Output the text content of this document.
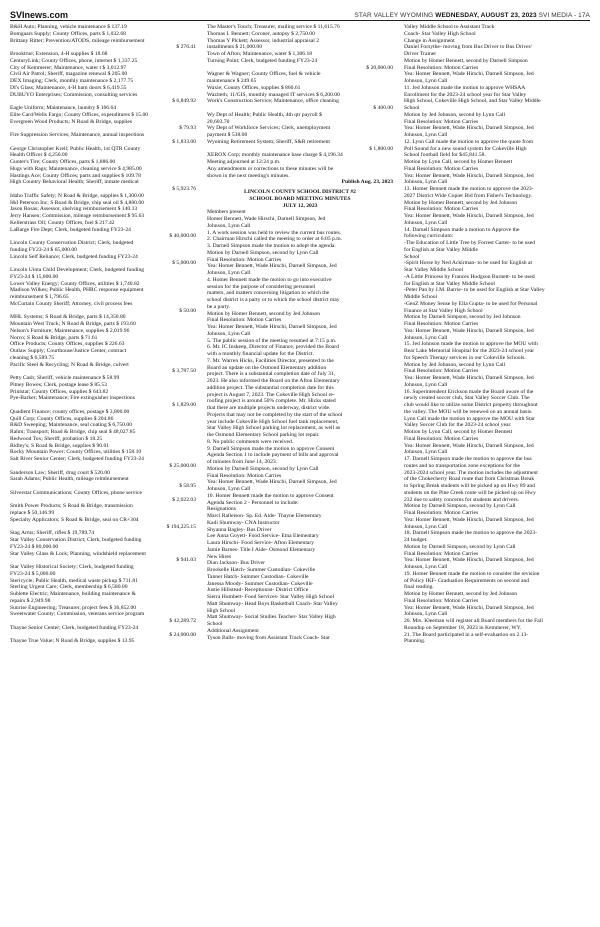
SVInews.com	STAR VALLEY WYOMING WEDNESDAY, AUGUST 23, 2023 SVI MEDIA - 17A
B&H Auto; Planning, vehicle maintenance $ 137.19
Bomgaars Supply; County Offices, parts $ 1,032.68
Brittany Ritter; Prevention/ATODS, mileage reimbursement
$ 276.41
Brooktrue; Extension, 4-H supplies $ 18.68
CenturyLink; County Offices, phone, internet $ 1,337.25
City of Kemmerer; Maintenance, water t $ 3,012.97
Civil Air Patrol; Sheriff, magazine renewal $ 205.00
DEX Imaging; Clerk, monthly maintenance $ 2,177.75
DI's Glass; Maintenance, 4-H barn doors $ 6,419.55
DUBUYO Enterprises; Commission, consulting services
$ 6,849.92
Eagle Uniform; Maintenance, laundry $ 166.64
Elite Card/Wells Fargo; County Offices, expenditures $ 15.00
Evergreen Wood Products; N Road & Bridge, supplies
$ 79.93
Fire Suppression Services; Maintenance, annual inspections
$ 1,833.00
George Christopher Krell; Public Health, 1st QTR County
Health Officer $ 4,250.00
Gunter's Tire; County Offices, parts $ 1,886.00
Hugs with Rags; Maintenance, cleaning service $ 4,985.00
Hastings Ace; County Offices; parts and supplies $ 109.78
High Country Behavioral Health; Sheriff, inmate medical
$ 5,923.76
Idaho Traffic Safety; N Road & Bridge, supplies $ 1,300.00
I&I Peterson Inc; S Road & Bridge, chip seal oil $ 4,800.00
Jason Rosas; Assessor, shelving reimbursement $ 140.13
Jerry Hansen; Commission, mileage reimbursement $ 95.63
Kellerstrass Oil; County Offices, fuel $ 217.42
LaBarge Fire Dept; Clerk, budgeted funding FY23-24
$ 40,000.00
Lincoln County Conservation District; Clerk, budgeted
funding FY23-24 $ 65,000.00
Lincoln Self Reliance; Clerk, budgeted funding FY23-24
$ 5,000.00
Lincoln Uinta Child Development; Clerk, budgeted funding
FY23-24 $ 15,000.00
Lower Valley Energy; County Offices, utilities $ 1,740.82
Madison Wilkes; Public Health, PHRC response equipment
reimbursement $ 1,796.65
McCurtain County Sheriff; Attorney, civil process fees
$ 50.00
MHL Systems; S Road & Bridge, parts $ 14,350.80
Mountain West Truck; N Road & Bridge, parts $ 193.60
Nelson's Furniture; Maintenance, supplies $ 2,019.96
Norco; S Road & Bridge, parts $ 71.61
Office Products; County Offices, supplies $ 226.63
Outlaw Supply; Courthouse/Justice Center, contract
cleaning $ 6,589.75
Pacific Steel & Recycling; N Road & Bridge, culvert
$ 3,787.50
Petty Cash; Sheriff, vehicle maintenance $ 58.99
Pitney Bowes; Clerk, postage lease $ 85.53
Printstar; County Offices, supplies $ 643.82
Pye-Barker; Maintenance; Fire extinguisher inspections
$ 1,829.00
Quadient Finance; county offices, postage $ 3,800.00
Quill Corp; County Offices, supplies $ 204.86
R&D Sweeping; Maintenance, seal coating $ 6,750.00
Rahm; Transport; Road & Bridge, chip seal $ 48,027.85
Redwood Tox; Sheriff, probation $ 18.25
Ridley's; S Road & Bridge, supplies $ 90.01
Rocky Mountain Power; County Offices, utilities $ 158.10
Salt River Senior Center; Clerk, budgeted funding FY23-24
$ 25,000.00
Sanderson Law; Sheriff, drug court $ 520.00
Sarah Adams; Public Health, mileage reimbursement
$ 58.95
Silverstar Communications; County Offices, phone service
$ 2,022.03
Smith Power Products; S Road & Bridge, transmission
replace $ 50,146.99
Specialty Applicators; S Road & Bridge, seal on CR+304
$ 194,225.15
Stag Arms; Sheriff, rifles $ 19,789.74
Star Valley Conservation District; Clerk, budgeted funding
FY23-24 $ 80,000.00
Star Valley Glass & Lock; Planning, windshield replacement
$ 941.03
Star Valley Historical Society; Clerk, budgeted funding
FY23-24 $ 5,000.00
Stericycle; Public Health, medical waste pickup $ 711.81
Sterling Urgent Care; Clerk, membership $ 6,580.00
Sublette Electric; Maintenance, building maintenance &
repairs $ 2,949.98
Sunrise Engineering; Treasurer, project fees $ 36,852.00
Sweetwater County; Commission, veterans service program
$ 42,289.72
Thayne Senior Center; Clerk, budgeted funding FY23-24
$ 24,000.00
Thayne True Value; N Road & Bridge, supplies $ 13.95
The Master's Touch; Treasurer, mailing service $ 11,615.76
Thomas I. Bennett; Coroner, autopsy $ 2,750.00
Thomas Y Plckett; Assessor, industrial appraisal 2
installments $ 21,000.00
Town of Afton; Maintenance, water $ 1,306.18
Turning Point; Clerk, budgeted funding FY23-24
$ 20,000.00
Wagner & Wagner; County Offices, fuel & vehicle
maintenance $ 249.65
Waxie; County Offices, supplies $ 860.61
Waziteth; 11/GIS, monthly managed IT services $ 6,200.00
Work's Construction Service; Maintenance, office cleaning
$ 400.00
Wy Dept of Health; Public Health, 4th qtr payroll $
20,603.70
Wy Dept of Workforce Services; Clerk, unemployment
payment $ 538.00
Wyoming Retirement System; Sheriff, S&R retirement
$ 1,800.00
XEROX Corp; monthly maintenance base charge $ 4,196.34
Meeting adjourned at 12:24 p.m.
Any amendments or corrections to these minutes will be
shown in the next meeting's minutes.
Publish Aug. 23, 2023
LINCOLN COUNTY SCHOOL DISTRICT #2
SCHOOL BOARD MEETING MINUTES
JULY 12, 2023
Members present
Homer Bennett, Wade Hirschi, Darnell Simpson, Jed
Johnson, Lynn Call
1. A work session was held to review the current bus routes.
2. Chairman Hirschi called the meeting to order at 6:05 p.m.
3. Darnell Simpson made the motion to adopt the agenda.
Motion by Darnell Simpson, second by Lynn Call
Final Resolution: Motion Carries
Yea: Homer Bennett, Wade Hirschi, Darnell Simpson, Jed
Johnson, Lynn Call
4. Homer Bennett made the motion to go into executive
session for the purpose of considering personnel
matters, and matters concerning litigation to which the
school district is a party or to which the school district may
be a party.
Motion by Homer Bennett, second by Jed Johnson
Final Resolution: Motion Carries
Yea: Homer Bennett, Wade Hirschi, Darnell Simpson, Jed
Johnson, Lynn Call
5. The public session of the meeting resumed at 7:15 p.m.
6. Mr. IC Inskeep, Director of Finance, provided the Board
with a monthly financial update for the District.
7. Mr. Warren Hicks, Facilities Director, presented to the
Board an update on the Osmond Elementary addition
project. There is a substantial completion date of July 31,
2023. He also informed the Board on the Afton Elementary
addition project. The substantial completion date for this
project is August 7, 2023. The Cokeville High School re-
roofing project is around 50% complete. Mr. Hicks stated
that there are multiple projects underway, district wide.
Projects that may not be completed by the start of the school
year include Cokeville High School fuel tank replacement,
Star Valley High School parking lot replacement, as well as
the Osmond Elementary School parking lot repair.
8. No public comments were received.
9. Darnell Simpson made the motion to approve Consent
Agenda Section 1 to include payment of bills and approval
of minutes from June 14, 2023.
Motion by Darnell Simpson, second by Lynn Call
Final Resolution: Motion Carries
Yea: Homer Bennett, Wade Hirschi, Darnell Simpson, Jed
Johnson, Lynn Call
10. Homer Bennett made the motion to approve Consent
Agenda Section 2 - Personnel to include:
Resignations
Marci Ralleison- Sp. Ed. Aide- Thayne Elementary
Kadi Shumway- CNA Instructor
Shyanna Bagley- Bus Driver
Lee Anna Goyett- Food Service- Etna Elementary
Laura Hirschi- Food Service- Afton Elementary
Jamie Barnes- Title I Aide- Osmond Elementary
New Hires
Dian Jackson- Bus Driver
Brookelle Hatch- Summer Custodian- Cokeville
Tanner Hatch- Summer Custodian- Cokeville
Janessa Moody- Summer Custodian- Cokeville
Justie Hillstead- Receptionist- District Office
Sierra Humbert- Food Services- Star Valley High School
Matt Shumway- Head Boys Basketball Coach- Star Valley
High School
Matt Shumway- Social Studies Teacher- Star Valley High
School
Additional Assignment
Tyson Balls- moving from Assistant Track Coach- Star
Valley Middle School to Assistant Track
Coach- Star Valley High School
Change in Assignment
Daniel Forsythe- moving from Bus Driver to Bus Driver/
Driver Trainer
Motion by Homer Bennett, second by Darnell Simpson
Final Resolution: Motion Carries
Yea: Homer Bennett, Wade Hirschi, Darnell Simpson, Jed
Johnson, Lynn Call
11. Jed Johnson made the motion to approve WHSAA
Enrollment for the 2023-24 school year for Star Valley
High School, Cokeville High School, and Star Valley Middle
School
Motion by Jed Johnson, second by Lynn Call
Final Resolution: Motion Carries
Yea: Homer Bennett, Wade Hirschi, Darnell Simpson, Jed
Johnson, Lynn Call
12. Lynn Call made the motion to approve the quote from
Poll Sound for a new sound system for Cokeville High
School football field for $45,841.58.
Motion by Lynn Call, second by Homer Bennett
Final Resolution: Motion Carries
Yea: Homer Bennett, Wade Hirschi, Darnell Simpson, Jed
Johnson, Lynn Call
13. Homer Bennett made the motion to approve the 2023-
2027 District Wide Copier Bid from Fisher's Technology.
Motion by Homer Bennett, second by Jed Johnson
Final Resolution: Motion Carries
Yea: Homer Bennett, Wade Hirschi, Darnell Simpson, Jed
Johnson, Lynn Call
14. Darnell Simpson made a motion to Approve the
following curriculum:
-The Education of Little Tree by Forrest Carter- to be used
for English at Star Valley Middle
School
-Spirit Horse by Ned Ackirman- to be used for English at
Star Valley Middle School
-A Little Princess by Frances Hodgson Burnett- to be used
for English at Star Valley Middle School
-Peter Pan by J.M. Barrie- to be used for English at Star Valley
Middle School
-GenZ Money Sense by Ella Gupta- to be used for Personal
Finance at Star Valley High School
Motion by Darnell Simpson, second by Jed Johnson
Final Resolution: Motion Carries
Yea: Homer Bennett, Wade Hirschi, Darnell Simpson, Jed
Johnson, Lynn Call
15. Jed Johnson made the motion to approve the MOU with
Bear Lake Memorial Hospital for the 2023-24 school year
for Speech Therapy services in our Cokeville Schools.
Motion by Jed Johnson, second by Lynn Call
Final Resolution: Motion Carries
Yea: Homer Bennett, Wade Hirschi, Darnell Simpson, Jed
Johnson, Lynn Call
16. Superintendent Erickson made the Board aware of the
newly created soccer club, Star Valley Soccer Club. The
club would like to utilize some District property throughout
the valley. The MOU will be renewed on an annual basis.
Lynn Call made the motion to approve the MOU with Star
Valley Soccer Club for the 2023-24 school year.
Motion by Lynn Call, second by Homer Bennett
Final Resolution: Motion Carries
Yea: Homer Bennett, Wade Hirschi, Darnell Simpson, Jed
Johnson, Lynn Call
17. Darnell Simpson made the motion to approve the bus
routes and no transportation zone exceptions for the
2023-2024 school year. The motion includes the adjustment
of the Chokecherry Road route that from Christmas Break
to Spring Break students will be picked up on Hwy 89 and
students on the Pine Creek route will be picked up on Hwy
232 due to safety concerns for students and drivers.
Motion by Darnell Simpson, second by Lynn Call
Final Resolution: Motion Carries
Yea: Homer Bennett, Wade Hirschi, Darnell Simpson, Jed
Johnson, Lynn Call
18. Darnell Simpson made the motion to approve the 2023-
24 budget.
Motion by Darnell Simpson, second by Lynn Call
Final Resolution: Motion Carries
Yea: Homer Bennett, Wade Hirschi, Darnell Simpson, Jed
Johnson, Lynn Call
19. Homer Bennett made the motion to consider the revision
of Policy IKF- Graduation Requirements on second and
final reading.
Motion by Homer Bennett, second by Jed Johnson
Final Resolution: Motion Carries
Yea: Homer Bennett, Wade Hirschi, Darnell Simpson, Jed
Johnson, Lynn Call
20. Mrs. Kleeman will register all Board members for the Fall
Roundup on September 18, 2023 in Kemmerer, WY.
21. The Board participated in a self-evaluation on 2.13-
Planning.
